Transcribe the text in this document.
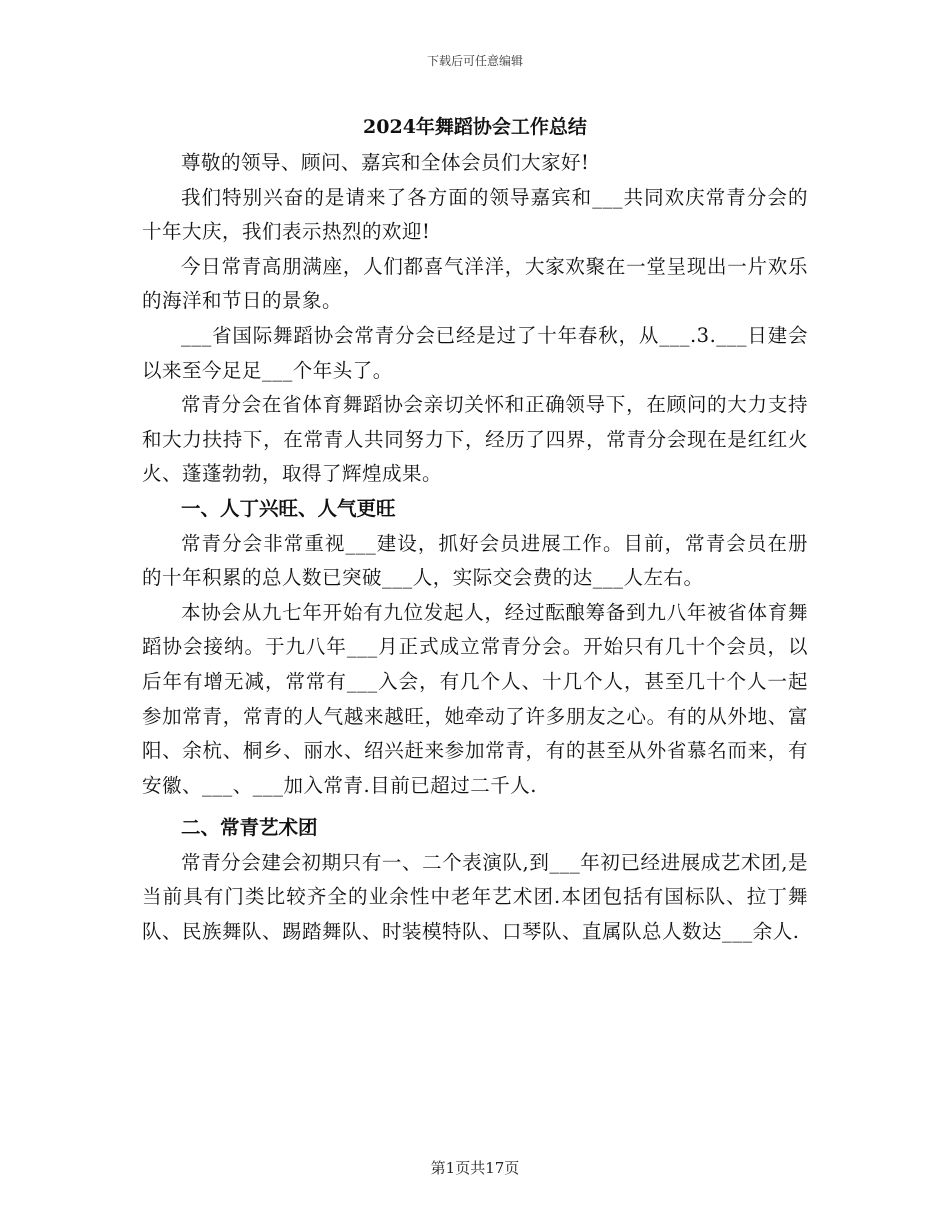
下载后可任意编辑
2024年舞蹈协会工作总结

尊敬的领导、顾问、嘉宾和全体会员们大家好!

我们特别兴奋的是请来了各方面的领导嘉宾和___共同欢庆常青分会的十年大庆，我们表示热烈的欢迎!

今日常青高朋满座，人们都喜气洋洋，大家欢聚在一堂呈现出一片欢乐的海洋和节日的景象。

___省国际舞蹈协会常青分会已经是过了十年春秋，从___.3.___日建会以来至今足足___个年头了。

常青分会在省体育舞蹈协会亲切关怀和正确领导下，在顾问的大力支持和大力扶持下，在常青人共同努力下，经历了四界，常青分会现在是红红火火、蓬蓬勃勃，取得了辉煌成果。

一、人丁兴旺、人气更旺

常青分会非常重视___建设，抓好会员进展工作。目前，常青会员在册的十年积累的总人数已突破___人，实际交会费的达___人左右。

本协会从九七年开始有九位发起人，经过酝酿筹备到九八年被省体育舞蹈协会接纳。于九八年___月正式成立常青分会。开始只有几十个会员，以后年有增无减，常常有___入会，有几个人、十几个人，甚至几十个人一起参加常青，常青的人气越来越旺，她牵动了许多朋友之心。有的从外地、富阳、余杭、桐乡、丽水、绍兴赶来参加常青，有的甚至从外省慕名而来，有安徽、___、___加入常青.目前已超过二千人.

二、常青艺术团

常青分会建会初期只有一、二个表演队,到___年初已经进展成艺术团,是当前具有门类比较齐全的业余性中老年艺术团.本团包括有国标队、拉丁舞队、民族舞队、踢踏舞队、时装模特队、口琴队、直属队总人数达___余人.

第1页共17页
